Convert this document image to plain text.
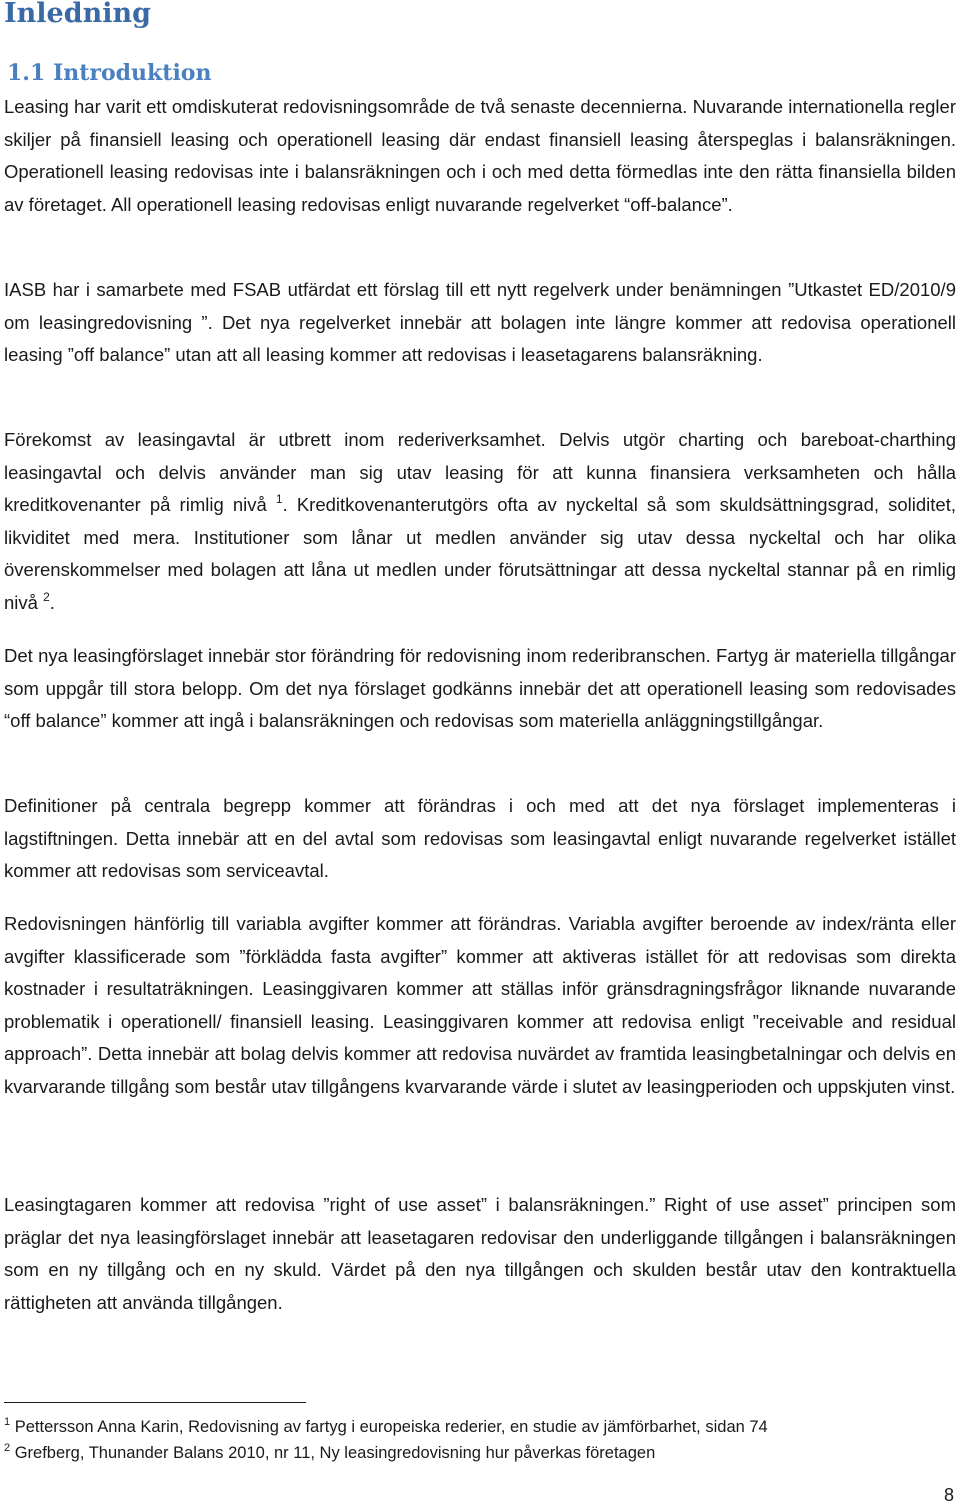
Inledning
1.1 Introduktion

Leasing har varit ett omdiskuterat redovisningsområde de två senaste decennierna. Nuvarande internationella regler skiljer på finansiell leasing och operationell leasing där endast finansiell leasing återspeglas i balansräkningen. Operationell leasing redovisas inte i balansräkningen och i och med detta förmedlas inte den rätta finansiella bilden av företaget. All operationell leasing redovisas enligt nuvarande regelverket “off-balance”.

IASB har i samarbete med FSAB utfärdat ett förslag till ett nytt regelverk under benämningen ”Utkastet ED/2010/9 om leasingredovisning ”. Det nya regelverket innebär att bolagen inte längre kommer att redovisa operationell leasing ”off balance” utan att all leasing kommer att redovisas i leasetagarens balansräkning.

Förekomst av leasingavtal är utbrett inom rederiverksamhet. Delvis utgör charting och bareboat-charthing leasingavtal och delvis använder man sig utav leasing för att kunna finansiera verksamheten och hålla kreditkovenanter på rimlig nivå $^1$. Kreditkovenanterutgörs ofta av nyckeltal så som skuldsättningsgrad, soliditet, likviditet med mera. Institutioner som lånar ut medlen använder sig utav dessa nyckeltal och har olika överenskommelser med bolagen att låna ut medlen under förutsättningar att dessa nyckeltal stannar på en rimlig nivå $^2$.

Det nya leasingförslaget innebär stor förändring för redovisning inom rederibranschen. Fartyg är materiella tillgångar som uppgår till stora belopp. Om det nya förslaget godkänns innebär det att operationell leasing som redovisades “off balance” kommer att ingå i balansräkningen och redovisas som materiella anläggningstillgångar.

Definitioner på centrala begrepp kommer att förändras i och med att det nya förslaget implementeras i lagstiftningen. Detta innebär att en del avtal som redovisas som leasingavtal enligt nuvarande regelverket istället kommer att redovisas som serviceavtal.

Redovisningen hänförlig till variabla avgifter kommer att förändras. Variabla avgifter beroende av index/ränta eller avgifter klassificerade som ”förklädda fasta avgifter” kommer att aktiveras istället för att redovisas som direkta kostnader i resultaträkningen. Leasinggivaren kommer att ställas inför gränsdragningsfrågor liknande nuvarande problematik i operationell/ finansiell leasing. Leasinggivaren kommer att redovisa enligt ”receivable and residual approach”. Detta innebär att bolag delvis kommer att redovisa nuvärdet av framtida leasingbetalningar och delvis en kvarvarande tillgång som består utav tillgångens kvarvarande värde i slutet av leasingperioden och uppskjuten vinst.

Leasingtagaren kommer att redovisa ”right of use asset” i balansräkningen.” Right of use asset” principen som präglar det nya leasingförslaget innebär att leasetagaren redovisar den underliggande tillgången i balansräkningen som en ny tillgång och en ny skuld. Värdet på den nya tillgången och skulden består utav den kontraktuella rättigheten att använda tillgången.

$^1$ Pettersson Anna Karin, Redovisning av fartyg i europeiska rederier, en studie av jämförbarhet, sidan 74

$^2$ Grefberg, Thunander Balans 2010, nr 11, Ny leasingredovisning hur påverkas företagen

8
